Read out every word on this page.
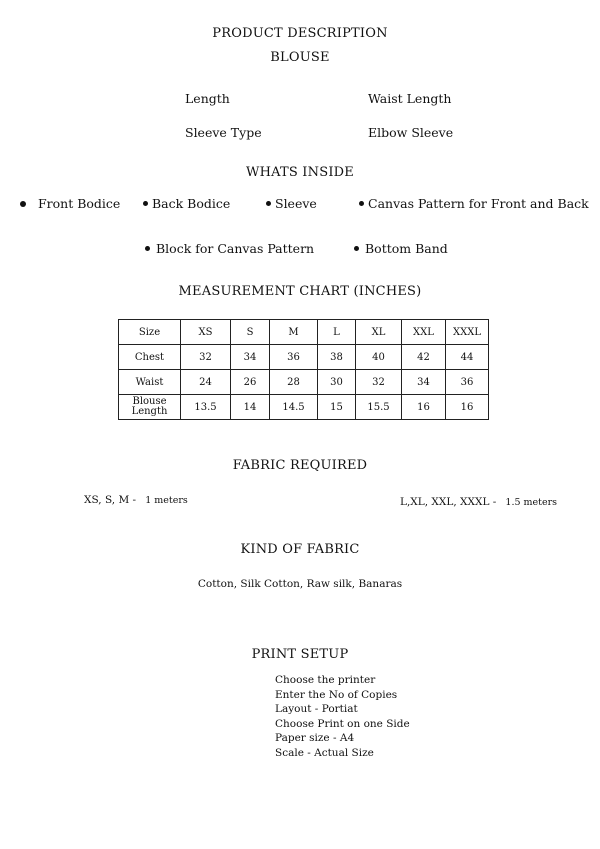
PRODUCT DESCRIPTION
BLOUSE
Length	Waist Length
Sleeve Type	Elbow Sleeve
WHATS INSIDE
Front Bodice	Back Bodice	Sleeve	Canvas Pattern for Front and Back
Block for Canvas Pattern	Bottom Band
MEASUREMENT CHART (INCHES)
Size	XS	S	M	L	XL	XXL	XXXL
Chest	32	34	36	38	40	42	44
Waist	24	26	28	30	32	34	36
Blouse
Length	13.5	14	14.5	15	15.5	16	16
FABRIC REQUIRED
XS, S, M - 1 meters	L,XL, XXL, XXXL - 1.5 meters
KIND OF FABRIC
Cotton, Silk Cotton, Raw silk, Banaras
PRINT SETUP
Choose the printer
Enter the No of Copies
Layout - Portiat
Choose Print on one Side
Paper size - A4
Scale - Actual Size
